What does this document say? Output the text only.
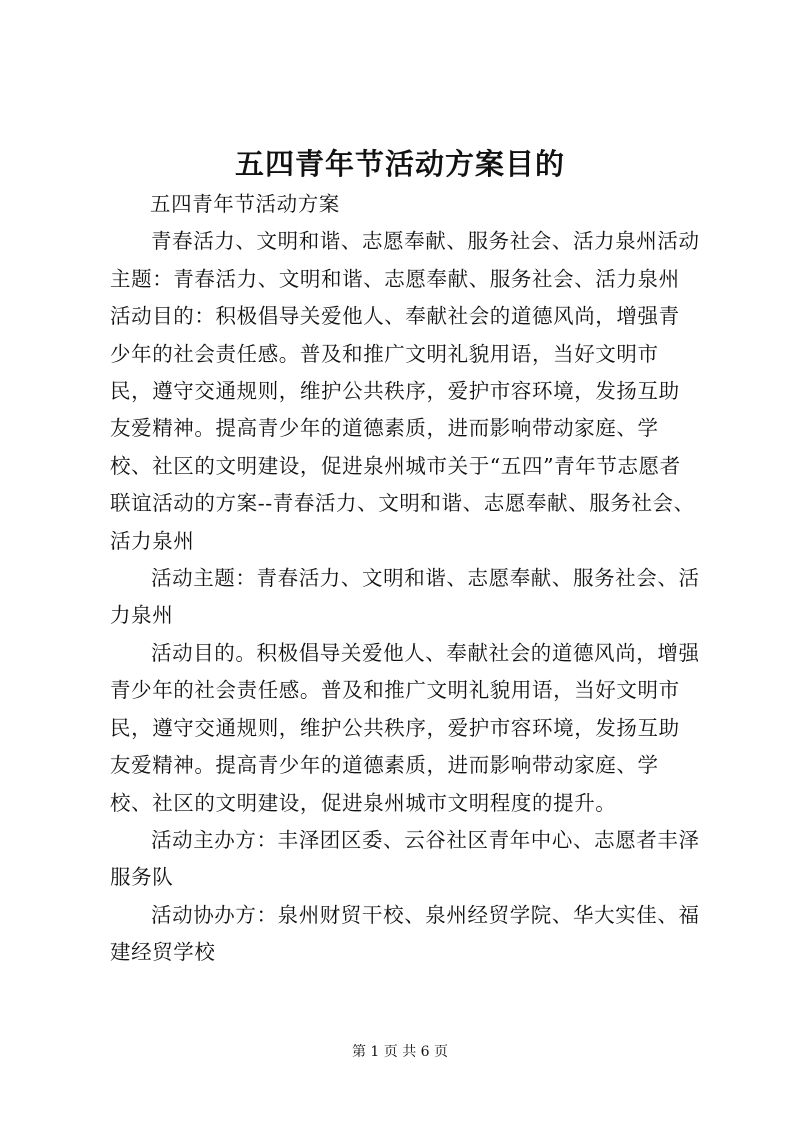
五四青年节活动方案目的

五四青年节活动方案

青春活力、文明和谐、志愿奉献、服务社会、活力泉州活动主题：青春活力、文明和谐、志愿奉献、服务社会、活力泉州活动目的：积极倡导关爱他人、奉献社会的道德风尚，增强青少年的社会责任感。普及和推广文明礼貌用语，当好文明市民，遵守交通规则，维护公共秩序，爱护市容环境，发扬互助友爱精神。提高青少年的道德素质，进而影响带动家庭、学校、社区的文明建设，促进泉州城市关于“五四”青年节志愿者联谊活动的方案--青春活力、文明和谐、志愿奉献、服务社会、活力泉州

活动主题：青春活力、文明和谐、志愿奉献、服务社会、活力泉州

活动目的。积极倡导关爱他人、奉献社会的道德风尚，增强青少年的社会责任感。普及和推广文明礼貌用语，当好文明市民，遵守交通规则，维护公共秩序，爱护市容环境，发扬互助友爱精神。提高青少年的道德素质，进而影响带动家庭、学校、社区的文明建设，促进泉州城市文明程度的提升。

活动主办方：丰泽团区委、云谷社区青年中心、志愿者丰泽服务队

活动协办方：泉州财贸干校、泉州经贸学院、华大实佳、福建经贸学校

第 1 页 共 6 页
